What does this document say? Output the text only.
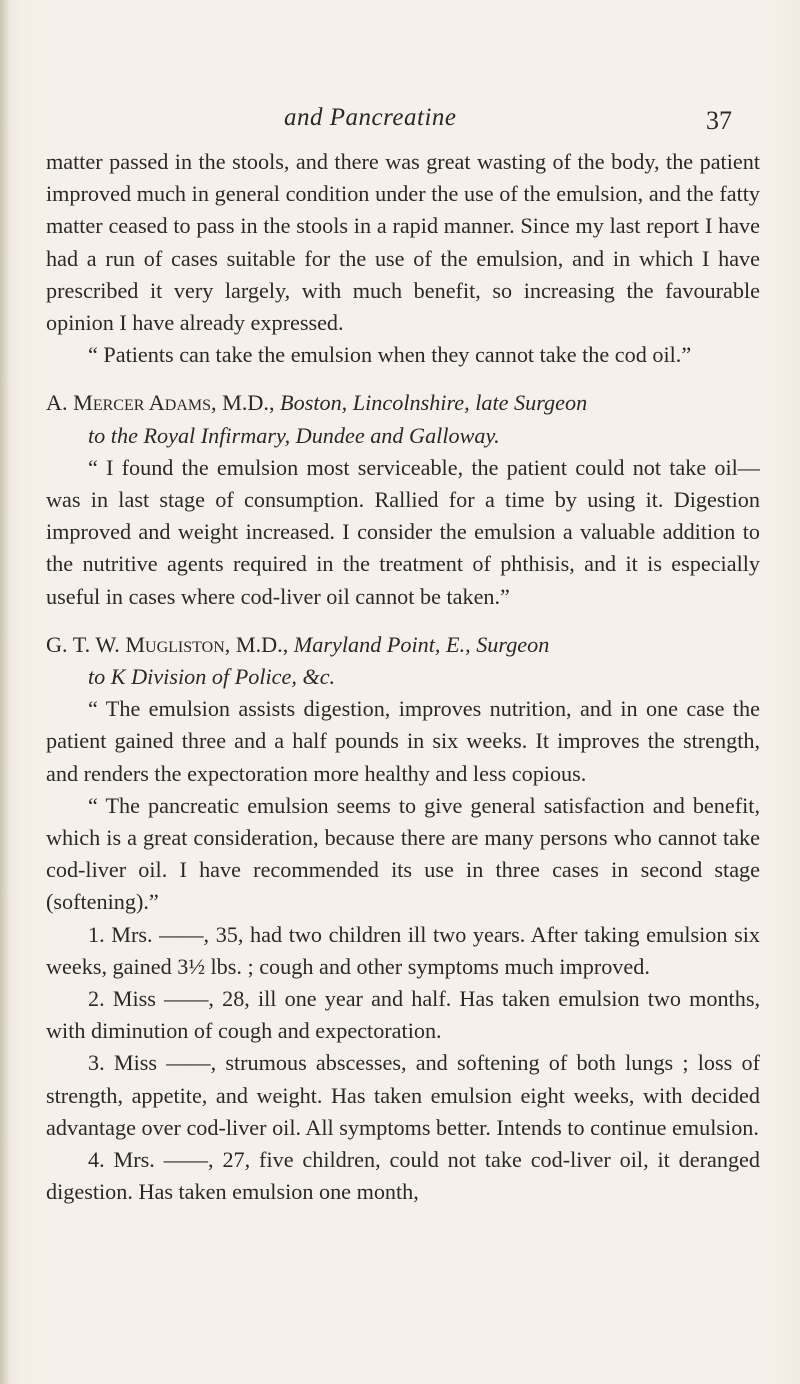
and Pancreatine	37

matter passed in the stools, and there was great wasting of the body, the patient improved much in general condition under the use of the emulsion, and the fatty matter ceased to pass in the stools in a rapid manner. Since my last report I have had a run of cases suitable for the use of the emulsion, and in which I have prescribed it very largely, with much benefit, so increasing the favourable opinion I have already expressed.

“ Patients can take the emulsion when they cannot take the cod oil.”

A. Mercer Adams, M.D., Boston, Lincolnshire, late Surgeon

to the Royal Infirmary, Dundee and Galloway.

“ I found the emulsion most serviceable, the patient could not take oil—was in last stage of consumption. Rallied for a time by using it. Digestion improved and weight increased. I consider the emulsion a valuable addition to the nutritive agents required in the treatment of phthisis, and it is especially useful in cases where cod-liver oil cannot be taken.”

G. T. W. Mugliston, M.D., Maryland Point, E., Surgeon

to K Division of Police, &c.

“ The emulsion assists digestion, improves nutrition, and in one case the patient gained three and a half pounds in six weeks. It improves the strength, and renders the expectoration more healthy and less copious.

“ The pancreatic emulsion seems to give general satisfaction and benefit, which is a great consideration, because there are many persons who cannot take cod-liver oil. I have recommended its use in three cases in second stage (softening).”

1. Mrs. ——, 35, had two children ill two years. After taking emulsion six weeks, gained 3½ lbs. ; cough and other symptoms much improved.

2. Miss ——, 28, ill one year and half. Has taken emulsion two months, with diminution of cough and expectoration.

3. Miss ——, strumous abscesses, and softening of both lungs ; loss of strength, appetite, and weight. Has taken emulsion eight weeks, with decided advantage over cod-liver oil. All symptoms better. Intends to continue emulsion.

4. Mrs. ——, 27, five children, could not take cod-liver oil, it deranged digestion. Has taken emulsion one month,
